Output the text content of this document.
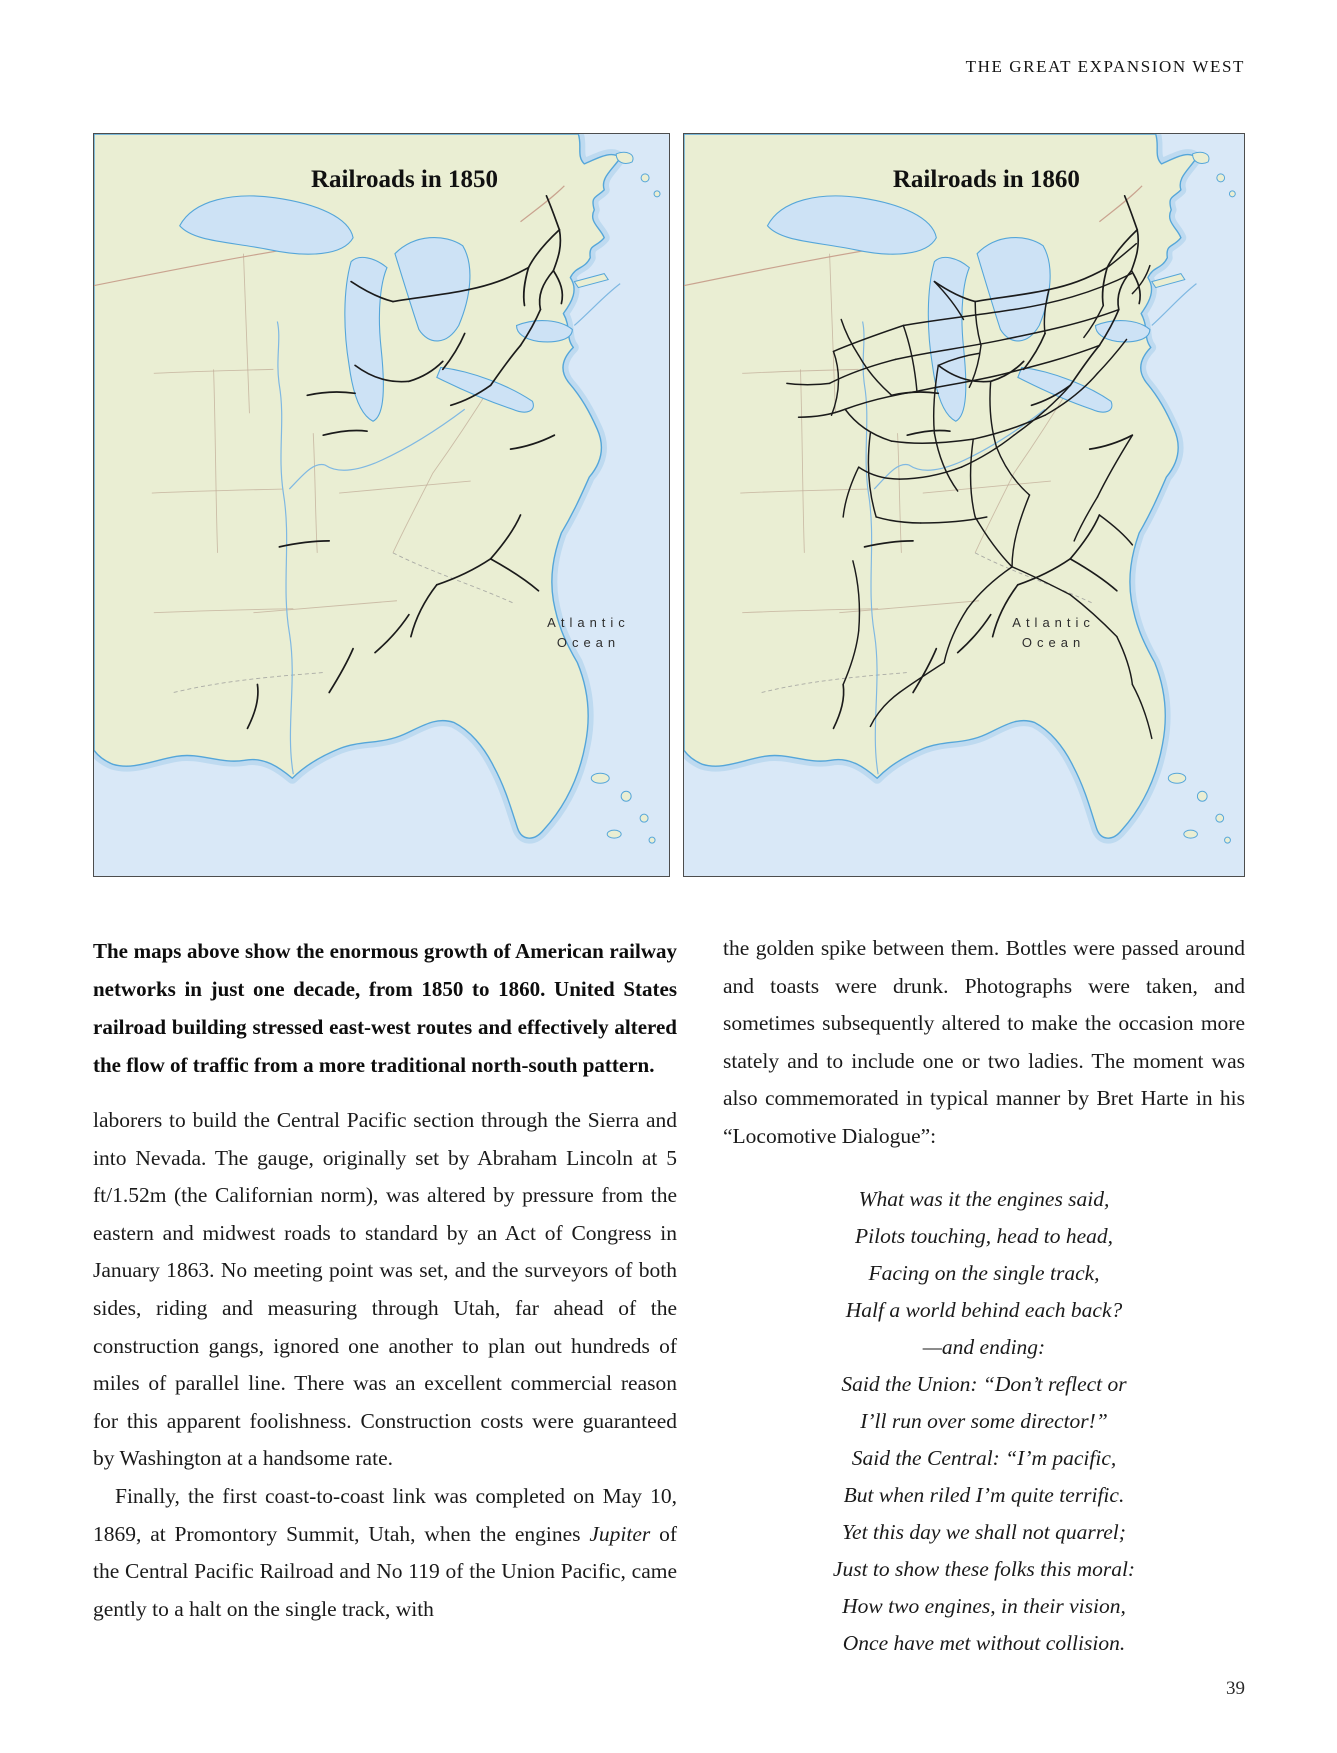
THE GREAT EXPANSION WEST
Railroads in 1850
Atlantic
Ocean
Railroads in 1860
Atlantic
Ocean
The maps above show the enormous growth of American railway networks in just one decade, from 1850 to 1860. United States railroad building stressed east-west routes and effectively altered the flow of traffic from a more traditional north-south pattern.

laborers to build the Central Pacific section through the Sierra and into Nevada. The gauge, originally set by Abraham Lincoln at 5 ft/1.52m (the Californian norm), was altered by pressure from the eastern and midwest roads to standard by an Act of Congress in January 1863. No meeting point was set, and the surveyors of both sides, riding and measuring through Utah, far ahead of the construction gangs, ignored one another to plan out hundreds of miles of parallel line. There was an excellent commercial reason for this apparent foolishness. Construction costs were guaranteed by Washington at a handsome rate.

Finally, the first coast-to-coast link was completed on May 10, 1869, at Promontory Summit, Utah, when the engines Jupiter of the Central Pacific Railroad and No 119 of the Union Pacific, came gently to a halt on the single track, with

the golden spike between them. Bottles were passed around and toasts were drunk. Photographs were taken, and sometimes subsequently altered to make the occasion more stately and to include one or two ladies. The moment was also commemorated in typical manner by Bret Harte in his “Locomotive Dialogue”:

What was it the engines said,
Pilots touching, head to head,
Facing on the single track,
Half a world behind each back?
—and ending:
Said the Union: “Don’t reflect or
I’ll run over some director!”
Said the Central: “I’m pacific,
But when riled I’m quite terrific.
Yet this day we shall not quarrel;
Just to show these folks this moral:
How two engines, in their vision,
Once have met without collision.
39
